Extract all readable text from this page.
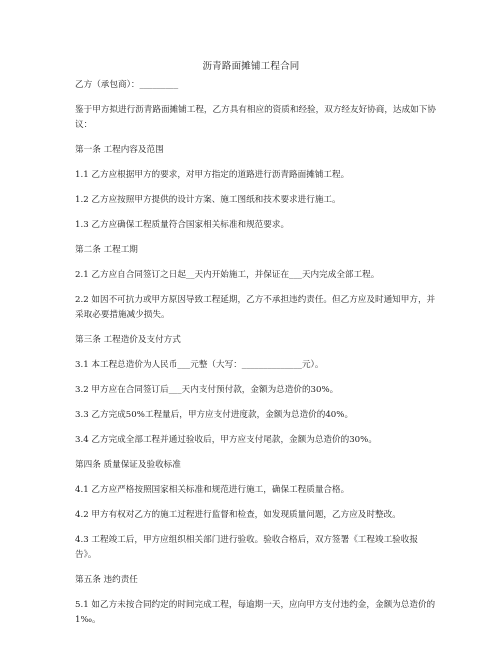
沥青路面摊铺工程合同
乙方（承包商）：_________
鉴于甲方拟进行沥青路面摊铺工程，乙方具有相应的资质和经验，双方经友好协商，达成如下协议：
第一条 工程内容及范围
1.1 乙方应根据甲方的要求，对甲方指定的道路进行沥青路面摊铺工程。
1.2 乙方应按照甲方提供的设计方案、施工图纸和技术要求进行施工。
1.3 乙方应确保工程质量符合国家相关标准和规范要求。
第二条 工程工期
2.1 乙方应自合同签订之日起__天内开始施工，并保证在___天内完成全部工程。
2.2 如因不可抗力或甲方原因导致工程延期，乙方不承担违约责任。但乙方应及时通知甲方，并采取必要措施减少损失。
第三条 工程造价及支付方式
3.1 本工程总造价为人民币___元整（大写：______________元）。
3.2 甲方应在合同签订后___天内支付预付款，金额为总造价的30%。
3.3 乙方完成50%工程量后，甲方应支付进度款，金额为总造价的40%。
3.4 乙方完成全部工程并通过验收后，甲方应支付尾款，金额为总造价的30%。
第四条 质量保证及验收标准
4.1 乙方应严格按照国家相关标准和规范进行施工，确保工程质量合格。
4.2 甲方有权对乙方的施工过程进行监督和检查，如发现质量问题，乙方应及时整改。
4.3 工程竣工后，甲方应组织相关部门进行验收。验收合格后，双方签署《工程竣工验收报告》。
第五条 违约责任
5.1 如乙方未按合同约定的时间完成工程，每逾期一天，应向甲方支付违约金，金额为总造价的1‰。
